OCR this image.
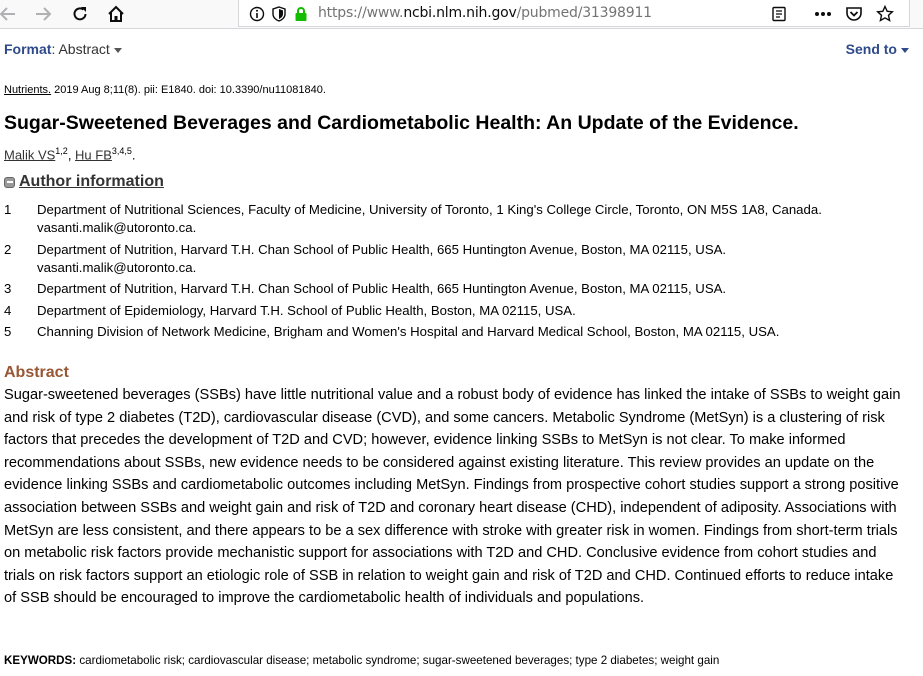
https://www.ncbi.nlm.nih.gov/pubmed/31398911
Format: Abstract	Send to
Nutrients. 2019 Aug 8;11(8). pii: E1840. doi: 10.3390/nu11081840.
Sugar-Sweetened Beverages and Cardiometabolic Health: An Update of the Evidence.
Malik VS$^{1,2}$, Hu FB$^{3,4,5}$.
Author information
1	Department of Nutritional Sciences, Faculty of Medicine, University of Toronto, 1 King's College Circle, Toronto, ON M5S 1A8, Canada.
vasanti.malik@utoronto.ca.
2	Department of Nutrition, Harvard T.H. Chan School of Public Health, 665 Huntington Avenue, Boston, MA 02115, USA.
vasanti.malik@utoronto.ca.
3	Department of Nutrition, Harvard T.H. Chan School of Public Health, 665 Huntington Avenue, Boston, MA 02115, USA.
4	Department of Epidemiology, Harvard T.H. School of Public Health, Boston, MA 02115, USA.
5	Channing Division of Network Medicine, Brigham and Women's Hospital and Harvard Medical School, Boston, MA 02115, USA.
Abstract

Sugar-sweetened beverages (SSBs) have little nutritional value and a robust body of evidence has linked the intake of SSBs to weight gain and risk of type 2 diabetes (T2D), cardiovascular disease (CVD), and some cancers. Metabolic Syndrome (MetSyn) is a clustering of risk factors that precedes the development of T2D and CVD; however, evidence linking SSBs to MetSyn is not clear. To make informed recommendations about SSBs, new evidence needs to be considered against existing literature. This review provides an update on the evidence linking SSBs and cardiometabolic outcomes including MetSyn. Findings from prospective cohort studies support a strong positive association between SSBs and weight gain and risk of T2D and coronary heart disease (CHD), independent of adiposity. Associations with MetSyn are less consistent, and there appears to be a sex difference with stroke with greater risk in women. Findings from short-term trials on metabolic risk factors provide mechanistic support for associations with T2D and CHD. Conclusive evidence from cohort studies and trials on risk factors support an etiologic role of SSB in relation to weight gain and risk of T2D and CHD. Continued efforts to reduce intake of SSB should be encouraged to improve the cardiometabolic health of individuals and populations.

KEYWORDS: cardiometabolic risk; cardiovascular disease; metabolic syndrome; sugar-sweetened beverages; type 2 diabetes; weight gain
